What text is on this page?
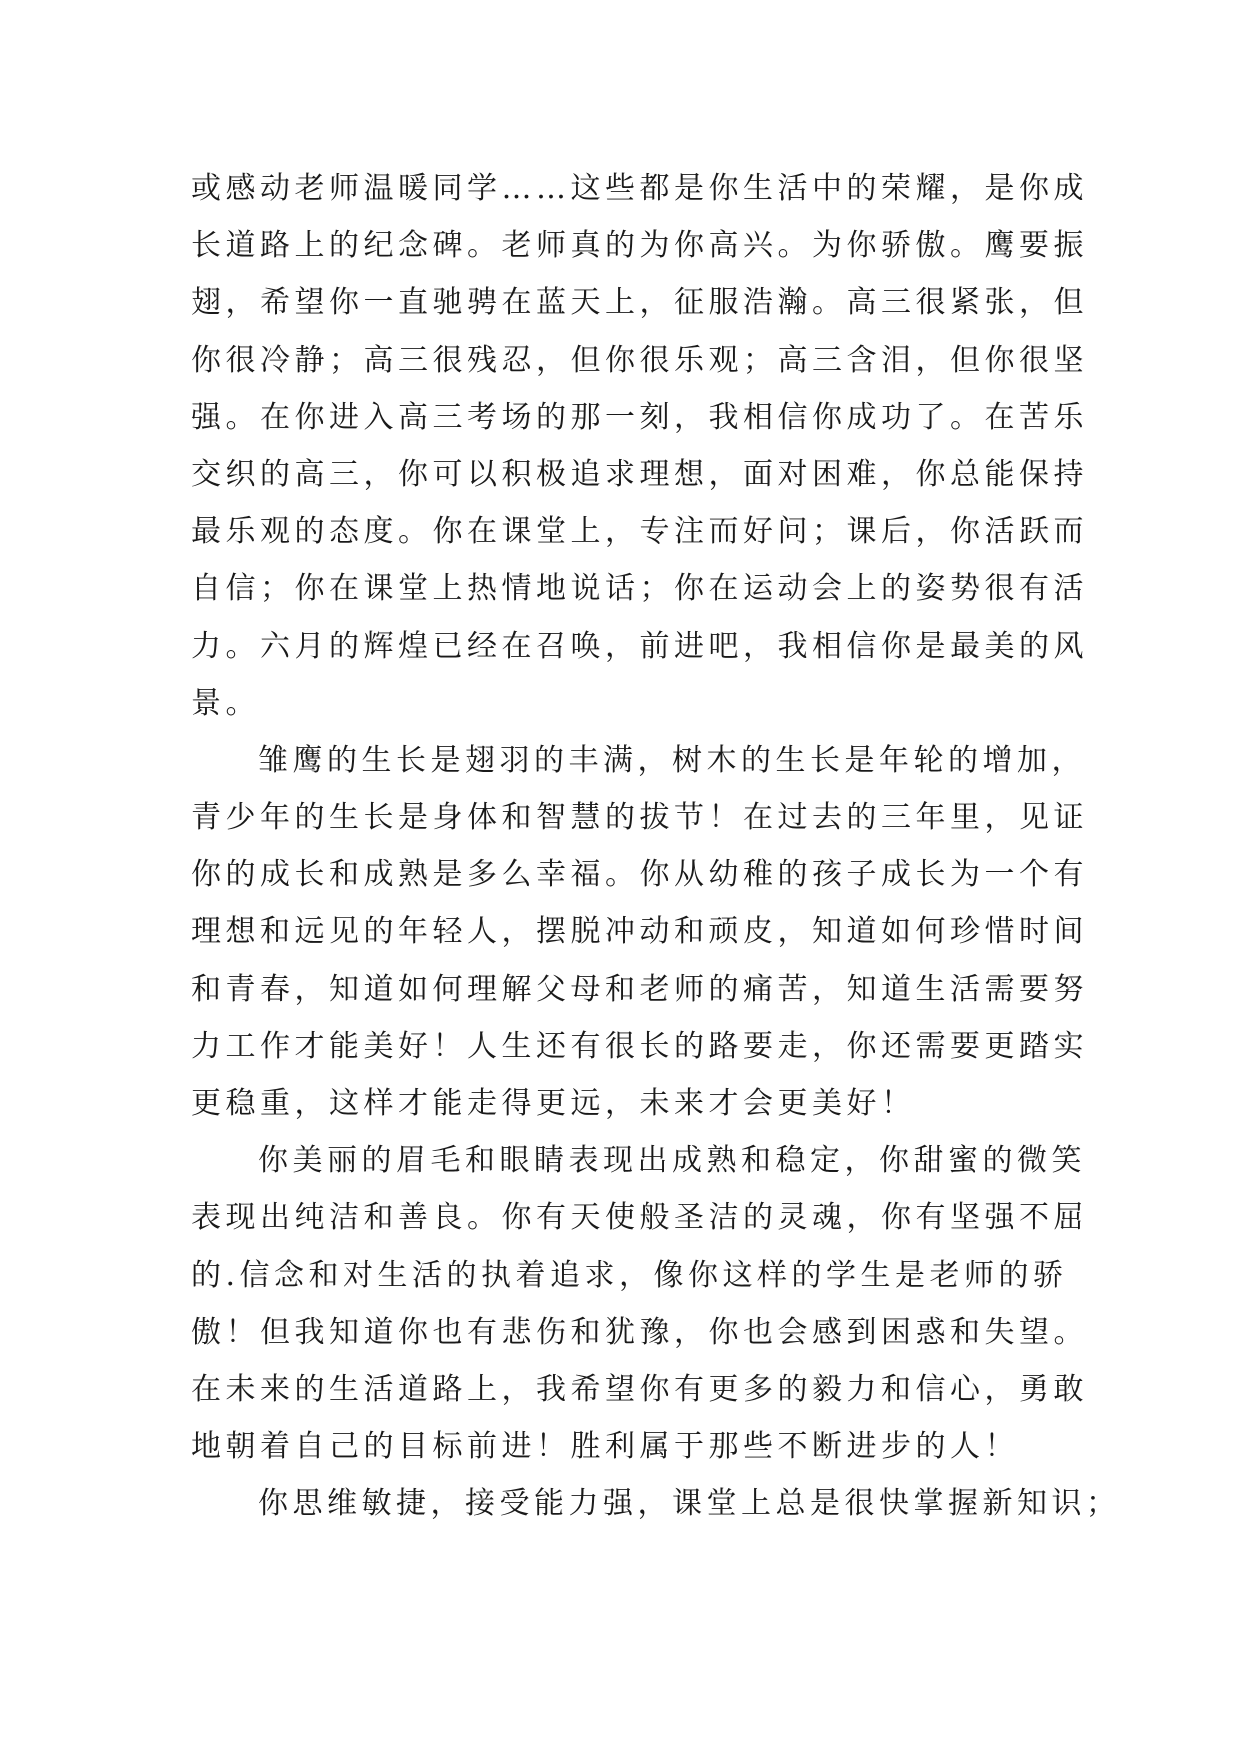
或感动老师温暖同学……这些都是你生活中的荣耀，是你成
长道路上的纪念碑。老师真的为你高兴。为你骄傲。鹰要振
翅，希望你一直驰骋在蓝天上，征服浩瀚。高三很紧张，但
你很冷静；高三很残忍，但你很乐观；高三含泪，但你很坚
强。在你进入高三考场的那一刻，我相信你成功了。在苦乐
交织的高三，你可以积极追求理想，面对困难，你总能保持
最乐观的态度。你在课堂上，专注而好问；课后，你活跃而
自信；你在课堂上热情地说话；你在运动会上的姿势很有活
力。六月的辉煌已经在召唤，前进吧，我相信你是最美的风
景。
雏鹰的生长是翅羽的丰满，树木的生长是年轮的增加，
青少年的生长是身体和智慧的拔节！在过去的三年里，见证
你的成长和成熟是多么幸福。你从幼稚的孩子成长为一个有
理想和远见的年轻人，摆脱冲动和顽皮，知道如何珍惜时间
和青春，知道如何理解父母和老师的痛苦，知道生活需要努
力工作才能美好！人生还有很长的路要走，你还需要更踏实
更稳重，这样才能走得更远，未来才会更美好！
你美丽的眉毛和眼睛表现出成熟和稳定，你甜蜜的微笑
表现出纯洁和善良。你有天使般圣洁的灵魂，你有坚强不屈
的.信念和对生活的执着追求，像你这样的学生是老师的骄
傲！但我知道你也有悲伤和犹豫，你也会感到困惑和失望。
在未来的生活道路上，我希望你有更多的毅力和信心，勇敢
地朝着自己的目标前进！胜利属于那些不断进步的人！
你思维敏捷，接受能力强，课堂上总是很快掌握新知识；
